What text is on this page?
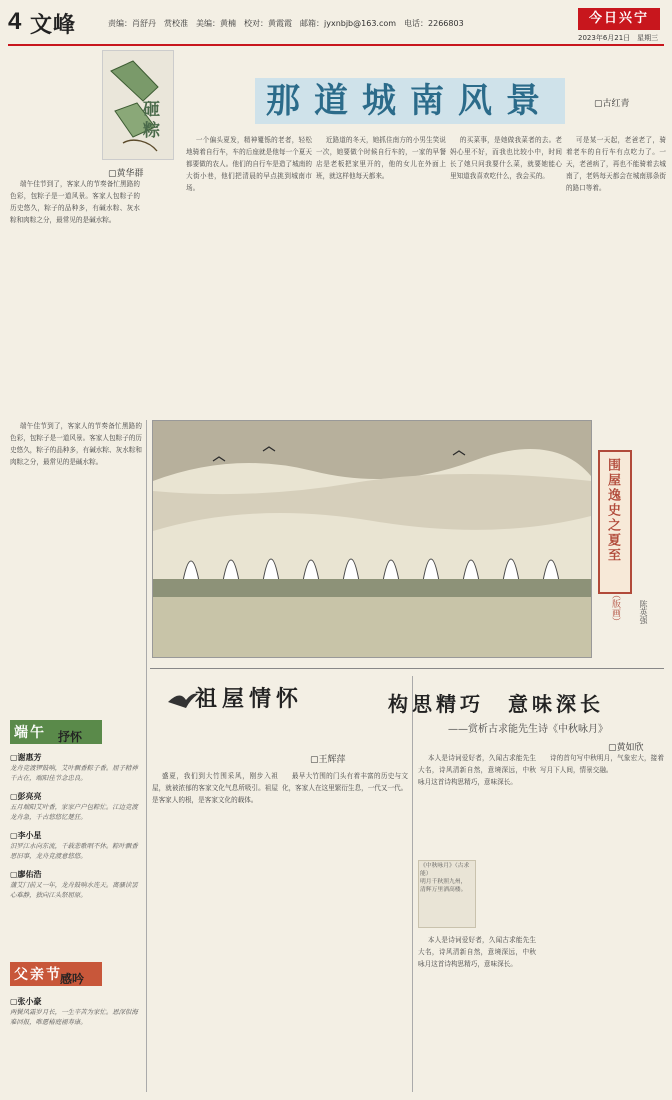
4 文峰	责编：肖舒丹　赏校准　美编：黄楠　校对：黄霞霞　邮箱：jyxnbjb@163.com　电话：2266803	今日兴宁
2023年6月21日　星期三
砸粽
▢黄华群
那道城南风景	▢古红青

端午佳节到了，客家人的节奏备忙黑路的色彩，包粽子是一道风景。客家人包粽子的历史悠久，粽子的品种多，有碱水粽、灰水粽和肉粽之分，最常见的是碱水粽。

一个偏头夏发，精神矍铄的老者，轻松地骑着自行车，车的后座就是他每一个夏天都要做的农人。他们的自行车是造了城南的大街小巷，他们把清晨的早点挑到城南市场。

近路道的冬天，她抓住南方的小男生笑说一次，她要做个时候自行车的，一家的早餐店是老板把家里开的，他的女儿在外面上班，就这样他每天都来。

的买菜事，是她做我菜者的去。老妈心里不好，而我也比较小中，时间长了她只问我要什么菜，就要她能心里知道我喜欢吃什么，我会买的。

可是某一天起，老爸老了，骑着老车的自行车有点吃力了。一天，老爸病了，再也不能骑着去城南了，老妈每天都会在城南那条街的路口等着。

端午佳节到了，客家人的节奏备忙黑路的色彩，包粽子是一道风景。客家人包粽子的历史悠久，粽子的品种多，有碱水粽、灰水粽和肉粽之分，最常见的是碱水粽。	围屋逸史之夏至
（版画） 陈英强
端午 抒怀
▢谢惠芳
龙舟竞渡锣鼓响，艾叶飘香粽子香。屈子精神千古在，端阳佳节念忠良。
▢彭亮亮
五月端阳艾叶香，家家户户包粽忙。江边竞渡龙舟急，千古悠悠忆楚狂。
▢李小星
汨罗江水向东流，千载悲歌唱不休。粽叶飘香思旧事，龙舟竞渡意悠悠。
▢廖佑浩
蒲艾门前又一年，龙舟鼓响水连天。离骚读罢心难静，独向江头祭屈原。
父亲节
感吟
▢张小豪
两鬓风霜岁月长，一生辛苦为家忙。恩深似海难回报，唯愿椿庭福寿康。
祖屋情怀
▢王辉萍

盛夏，我们到大竹围采风，刚步入祖屋，就被浓郁的客家文化气息所吸引。祖屋是客家人的根，是客家文化的载体。

最早大竹围的门头有着丰富的历史与文化，客家人在这里繁衍生息，一代又一代。

构思精巧　意味深长
——赏析古求能先生诗《中秋咏月》
▢黄如欣

本人是诗词爱好者，久闻古求能先生大名，诗风清新自然，意境深远，中秋咏月这首诗构思精巧，意味深长。

《中秋咏月》（古求能）
明月千秋照九州，清辉万里洒高楼。

本人是诗词爱好者，久闻古求能先生大名，诗风清新自然，意境深远，中秋咏月这首诗构思精巧，意味深长。

诗的首句写中秋明月，气象宏大，接着写月下人间，情景交融。
